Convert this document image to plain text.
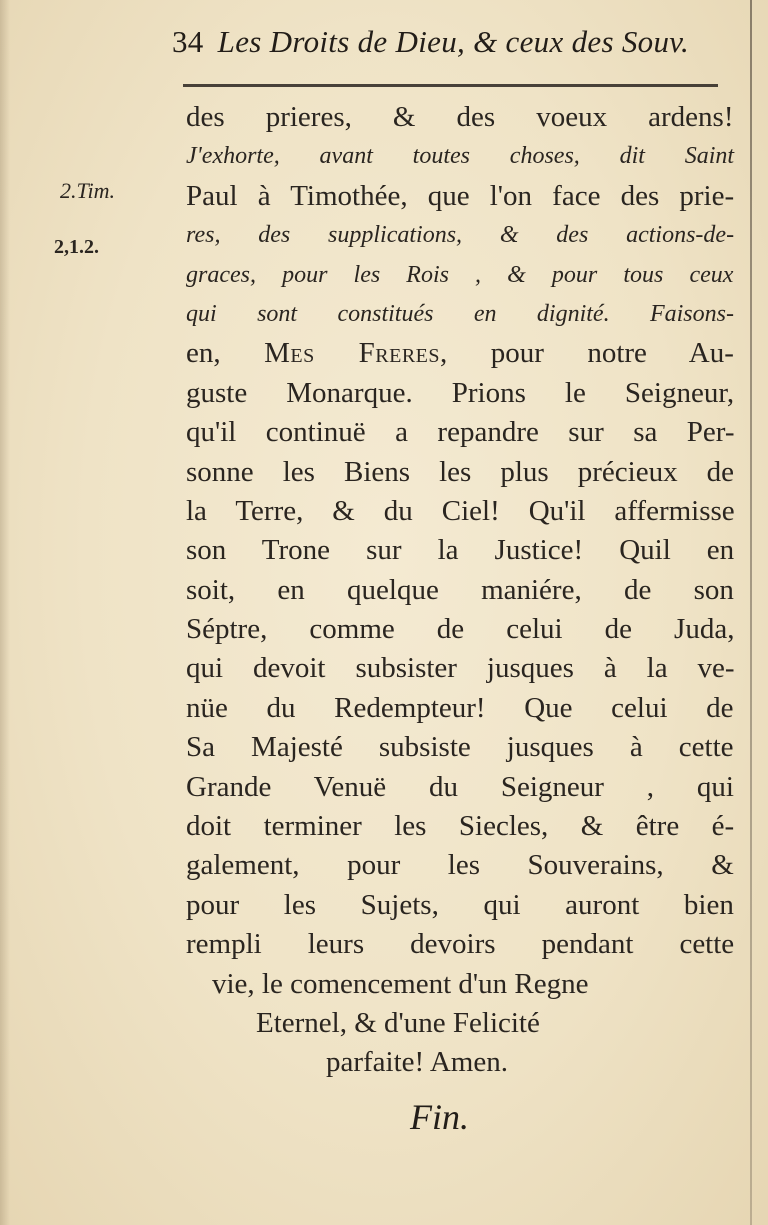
34 Les Droits de Dieu, & ceux des Souv.
2.Tim.
2,1.2.
des prieres, & des voeux ardens!
J'exhorte, avant toutes choses, dit Saint
Paul à Timothée, que l'on face des prie-
res, des supplications, & des actions-de-
graces, pour les Rois , & pour tous ceux
qui sont constitués en dignité. Faisons-
en, Mes Freres, pour notre Au-
guste Monarque. Prions le Seigneur,
qu'il continuë a repandre sur sa Per-
sonne les Biens les plus précieux de
la Terre, & du Ciel! Qu'il affermisse
son Trone sur la Justice! Quil en
soit, en quelque maniére, de son
Séptre, comme de celui de Juda,
qui devoit subsister jusques à la ve-
nüe du Redempteur! Que celui de
Sa Majesté subsiste jusques à cette
Grande Venuë du Seigneur , qui
doit terminer les Siecles, & être é-
galement, pour les Souverains, &
pour les Sujets, qui auront bien
rempli leurs devoirs pendant cette
vie, le comencement d'un Regne
Eternel, & d'une Felicité
parfaite! Amen.
Fin.
